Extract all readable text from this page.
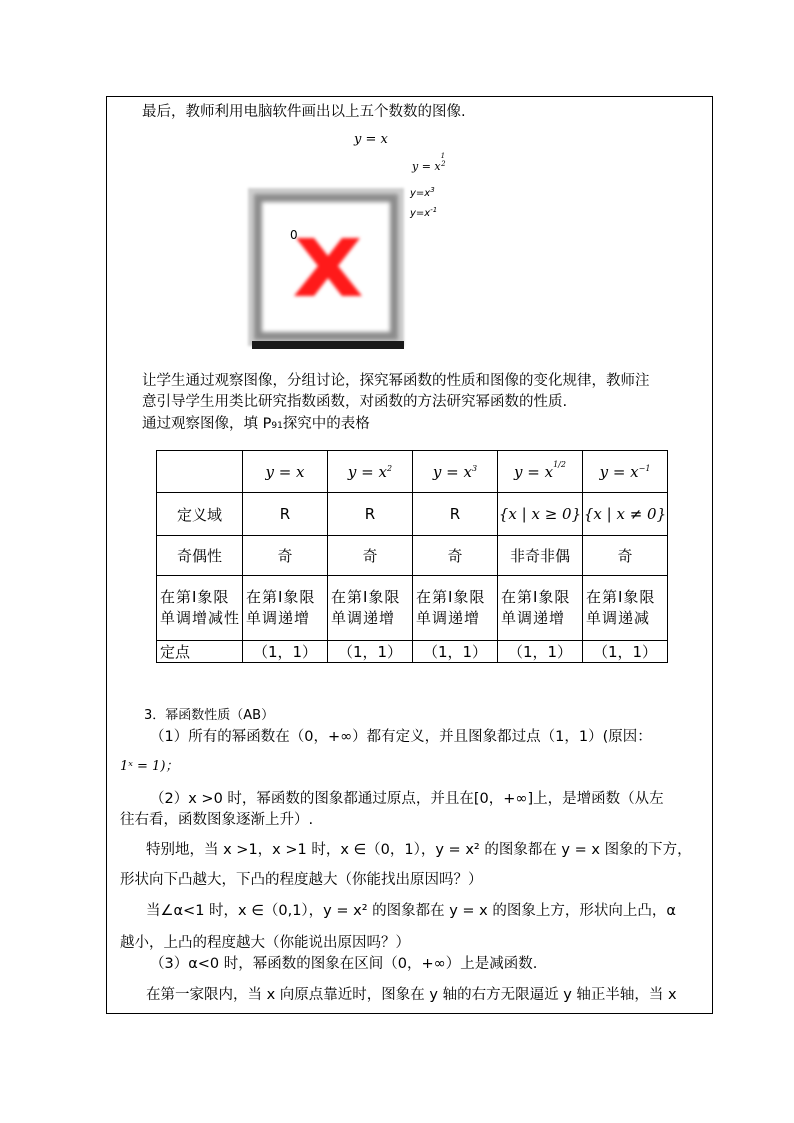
最后，教师利用电脑软件画出以上五个数数的图像.
y = x
$y = x^{12}$
$y=x^3$
$y=x^{-1}$
0
让学生通过观察图像，分组讨论，探究幂函数的性质和图像的变化规律，教师注
意引导学生用类比研究指数函数，对函数的方法研究幂函数的性质.
通过观察图像，填 P91探究中的表格
	y = x	$y = x^2$	$y = x^3$	$y = x^{1/2}$	$y = x^{-1}$
定义域	R	R	R	{x | x ≥ 0}	{x | x ≠ 0}
奇偶性	奇	奇	奇	非奇非偶	奇
在第Ⅰ象限单调增减性	在第Ⅰ象限单调递增	在第Ⅰ象限单调递增	在第Ⅰ象限单调递增	在第Ⅰ象限单调递增	在第Ⅰ象限单调递减
定点	（1，1）	（1，1）	（1，1）	（1，1）	（1，1）
3．幂函数性质（AB）
（1）所有的幂函数在（0，+∞）都有定义，并且图象都过点（1，1）(原因：
1ˣ = 1)；
（2）x >0 时，幂函数的图象都通过原点，并且在[0，+∞]上，是增函数（从左
往右看，函数图象逐渐上升）.
特别地，当 x >1，x >1 时，x ∈（0，1），y = x² 的图象都在 y = x 图象的下方，
形状向下凸越大，下凸的程度越大（你能找出原因吗？）
当∠α<1 时，x ∈（0,1），y = x² 的图象都在 y = x 的图象上方，形状向上凸，α
越小，上凸的程度越大（你能说出原因吗？）
（3）α<0 时，幂函数的图象在区间（0，+∞）上是减函数.
在第一家限内，当 x 向原点靠近时，图象在 y 轴的右方无限逼近 y 轴正半轴，当 x
